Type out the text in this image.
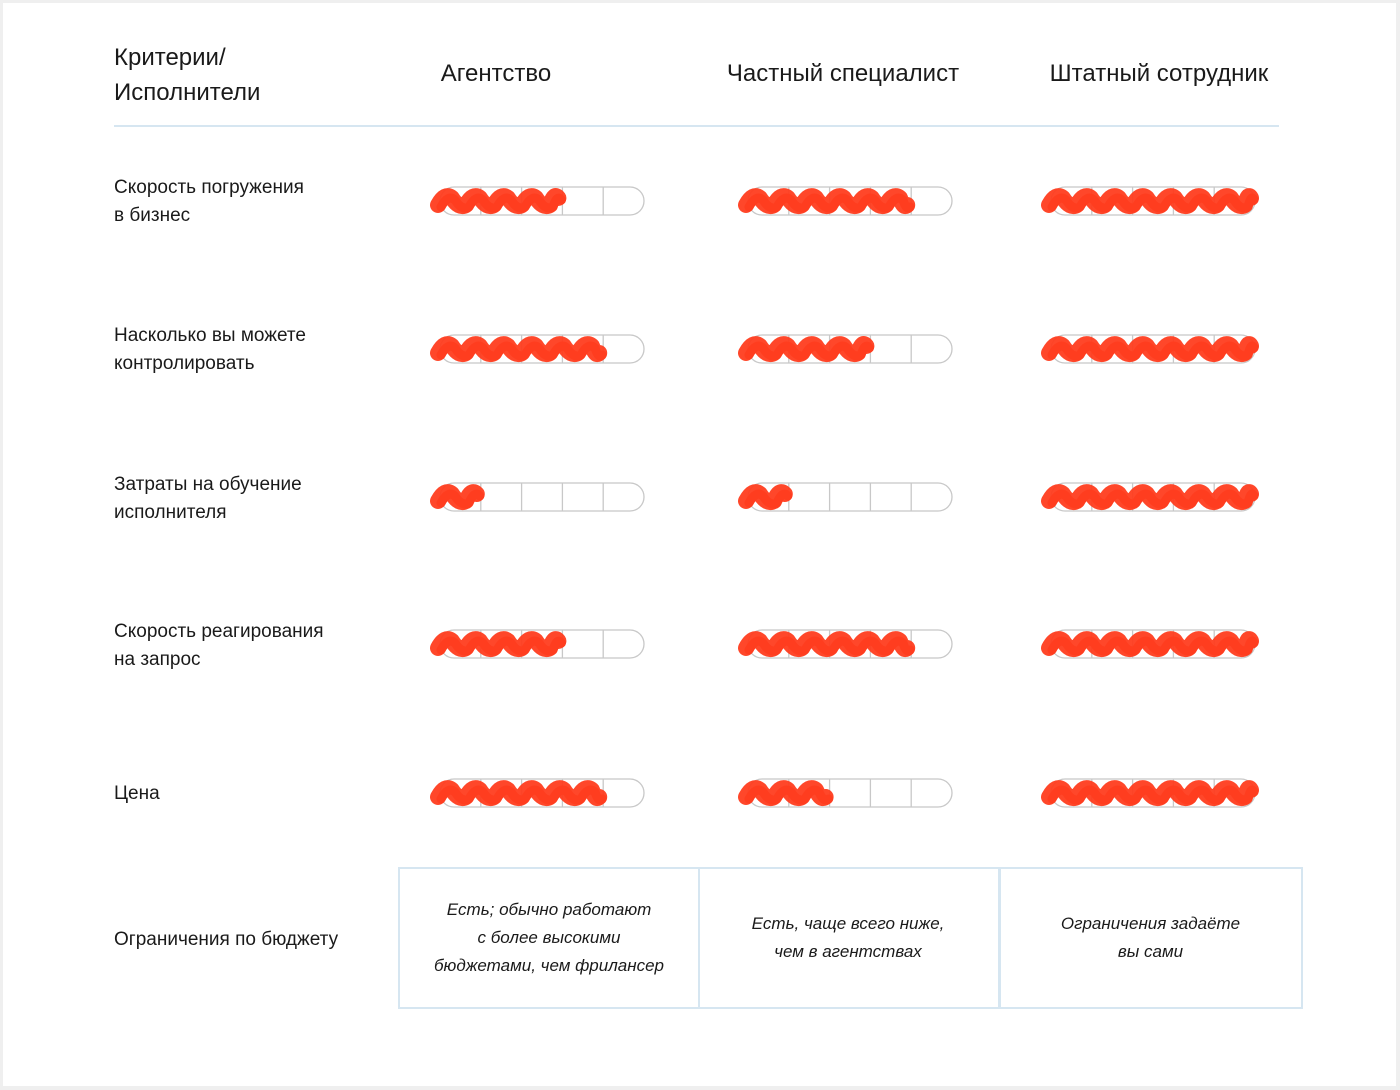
Критерии/
Исполнители
Агентство	Частный специалист	Штатный сотрудник
Скорость погружения
в бизнес
Насколько вы можете
контролировать
Затраты на обучение
исполнителя
Скорость реагирования
на запрос
Цена
Ограничения по бюджету
Есть; обычно работают
с более высокими
бюджетами, чем фрилансер
Есть, чаще всего ниже,
чем в агентствах
Ограничения задаёте
вы сами
